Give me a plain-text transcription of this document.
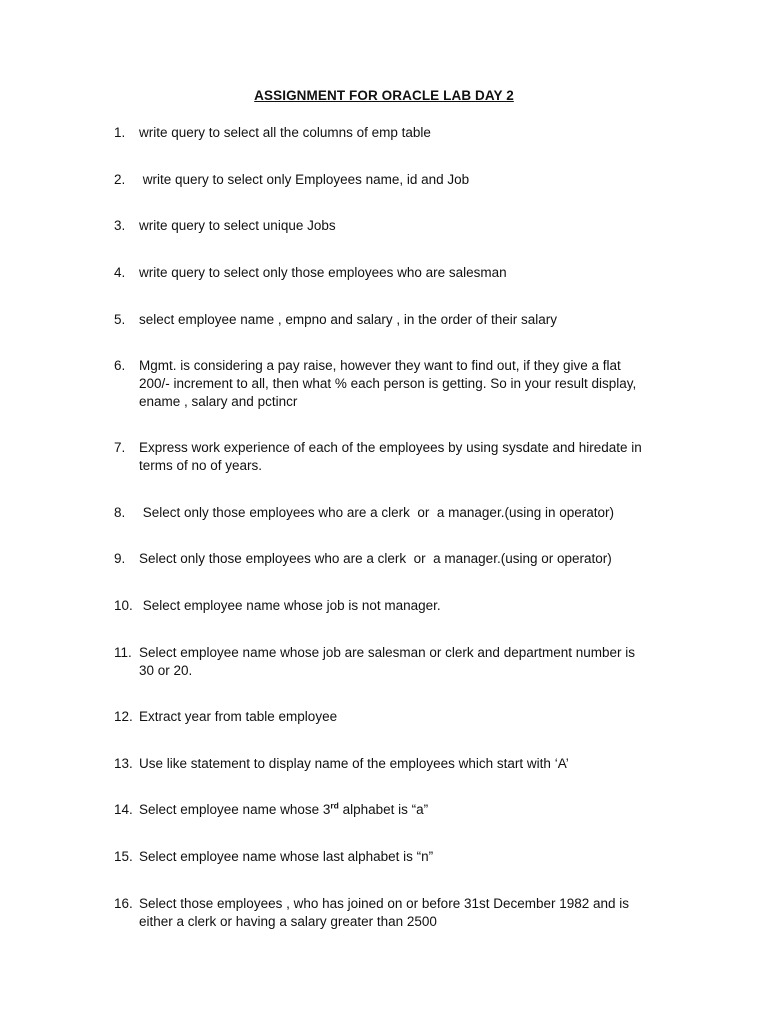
ASSIGNMENT FOR ORACLE LAB DAY 2
1.	write query to select all the columns of emp table
2.	write query to select only Employees name, id and Job
3.	write query to select unique Jobs
4.	write query to select only those employees who are salesman
5.	select employee name , empno and salary , in the order of their salary
6.	Mgmt. is considering a pay raise, however they want to find out, if they give a flat
200/- increment to all, then what % each person is getting. So in your result display,
ename , salary and pctincr
7.	Express work experience of each of the employees by using sysdate and hiredate in
terms of no of years.
8.	Select only those employees who are a clerk  or  a manager.(using in operator)
9.	Select only those employees who are a clerk  or  a manager.(using or operator)
10. Select employee name whose job is not manager.
11. Select employee name whose job are salesman or clerk and department number is
30 or 20.
12. Extract year from table employee
13. Use like statement to display name of the employees which start with ‘A’
14. Select employee name whose 3rd alphabet is “a”
15. Select employee name whose last alphabet is “n”
16. Select those employees , who has joined on or before 31st December 1982 and is
either a clerk or having a salary greater than 2500
